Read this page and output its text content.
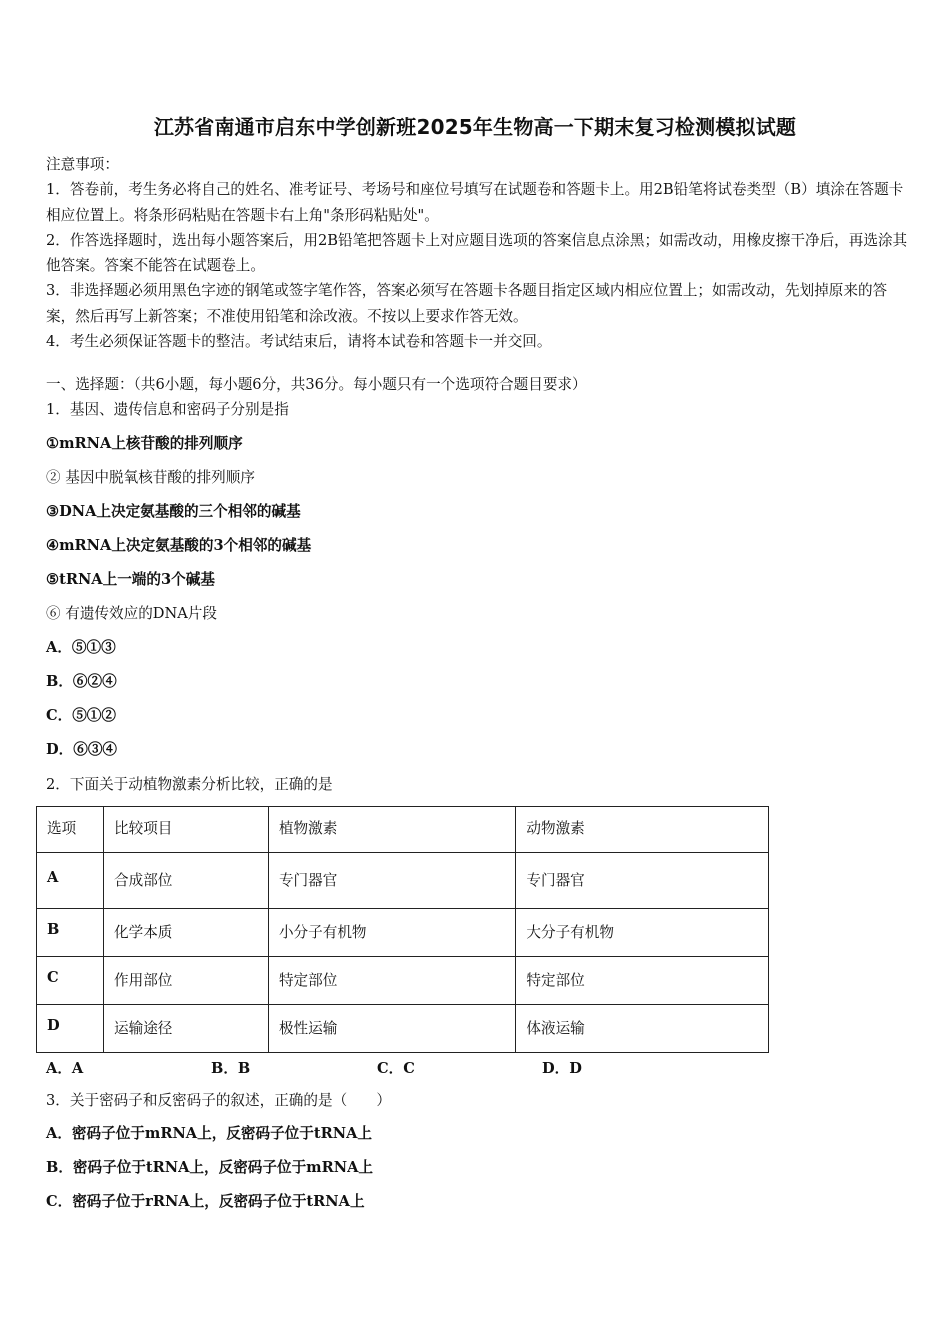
江苏省南通市启东中学创新班2025年生物高一下期末复习检测模拟试题
注意事项：
1．答卷前，考生务必将自己的姓名、准考证号、考场号和座位号填写在试题卷和答题卡上。用2B铅笔将试卷类型（B）填涂在答题卡相应位置上。将条形码粘贴在答题卡右上角"条形码粘贴处"。
2．作答选择题时，选出每小题答案后，用2B铅笔把答题卡上对应题目选项的答案信息点涂黑；如需改动，用橡皮擦干净后，再选涂其他答案。答案不能答在试题卷上。
3．非选择题必须用黑色字迹的钢笔或签字笔作答，答案必须写在答题卡各题目指定区域内相应位置上；如需改动，先划掉原来的答案，然后再写上新答案；不准使用铅笔和涂改液。不按以上要求作答无效。
4．考生必须保证答题卡的整洁。考试结束后，请将本试卷和答题卡一并交回。
一、选择题：（共6小题，每小题6分，共36分。每小题只有一个选项符合题目要求）
1．基因、遗传信息和密码子分别是指
①mRNA上核苷酸的排列顺序
② 基因中脱氧核苷酸的排列顺序
③DNA上决定氨基酸的三个相邻的碱基
④mRNA上决定氨基酸的3个相邻的碱基
⑤tRNA上一端的3个碱基
⑥ 有遗传效应的DNA片段
A．⑤①③
B．⑥②④
C．⑤①②
D．⑥③④
2．下面关于动植物激素分析比较，正确的是
选项	比较项目	植物激素	动物激素
A	合成部位	专门器官	专门器官
B	化学本质	小分子有机物	大分子有机物
C	作用部位	特定部位	特定部位
D	运输途径	极性运输	体液运输
A．A	B．B	C．C	D．D
3．关于密码子和反密码子的叙述，正确的是（　　）
A．密码子位于mRNA上，反密码子位于tRNA上
B．密码子位于tRNA上，反密码子位于mRNA上
C．密码子位于rRNA上，反密码子位于tRNA上
